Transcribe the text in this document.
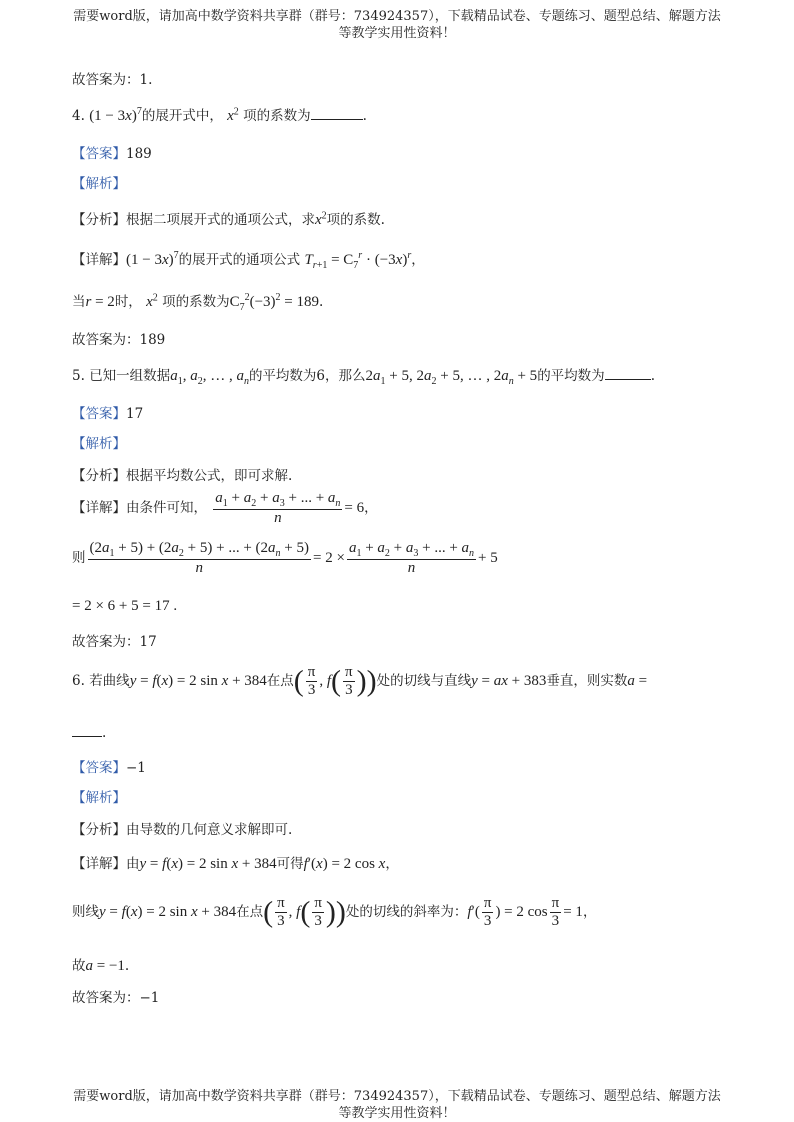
需要word版，请加高中数学资料共享群（群号：734924357），下载精品试卷、专题练习、题型总结、解题方法
等教学实用性资料！
故答案为：1.
4. $(1 - 3x)^7$的展开式中， $x^2$ 项的系数为	.
【答案】189
【解析】
【分析】根据二项展开式的通项公式，求$x^2$项的系数.
【详解】$(1 - 3x)^7$的展开式的通项公式 $T_{r+1} = C_7^r \cdot (-3x)^r$，
当r = 2时， $x^2$ 项的系数为$C_7^2(-3)^2 = 189$.
故答案为：189
5. 已知一组数据$a_1$, $a_2$, … , $a_n$的平均数为6，那么$2a_1 + 5$, $2a_2 + 5$, … , $2a_n + 5$的平均数为	.
【答案】17
【解析】
【分析】根据平均数公式，即可求解.
【详解】由条件可知， $\frac{a_1 + a_2 + a_3 + ... + a_n}{n} = 6$，
则 $\frac{(2a_1 + 5) + (2a_2 + 5) + ... + (2a_n + 5)}{n} = 2 \times \frac{a_1 + a_2 + a_3 + ... + a_n}{n} + 5$
= 2 × 6 + 5 = 17 .
故答案为：17
6. 若曲线y = f(x) = 2 sin x + 384在点( $\frac{\pi}{3}$ , $f( \frac{\pi}{3}$ ))处的切线与直线y = ax + 383垂直，则实数a =
.
【答案】−1
【解析】
【分析】由导数的几何意义求解即可.
【详解】由y = f(x) = 2 sin x + 384可得f′(x) = 2 cos x，
则线y = f(x) = 2 sin x + 384在点( $\frac{\pi}{3}$ , $f( \frac{\pi}{3}$ ))处的切线的斜率为：$f'( \frac{\pi}{3}$ ) = 2 $\cos \frac{\pi}{3} = 1$，
故a = −1.
故答案为：−1
需要word版，请加高中数学资料共享群（群号：734924357），下载精品试卷、专题练习、题型总结、解题方法
等教学实用性资料！
